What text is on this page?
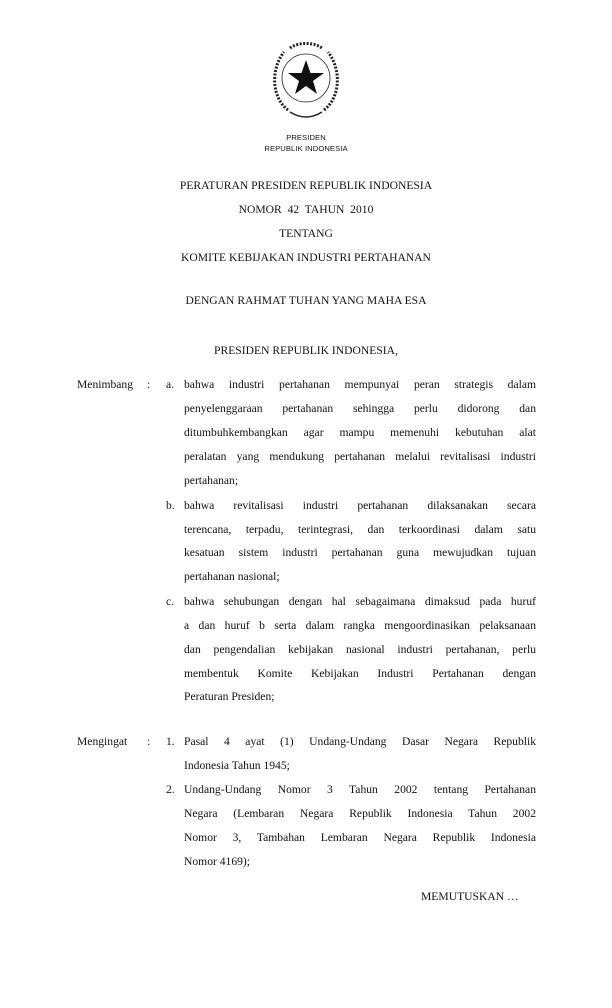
PRESIDEN
REPUBLIK INDONESIA
PERATURAN PRESIDEN REPUBLIK INDONESIA
NOMOR  42  TAHUN  2010
TENTANG
KOMITE KEBIJAKAN INDUSTRI PERTAHANAN
DENGAN RAHMAT TUHAN YANG MAHA ESA
PRESIDEN REPUBLIK INDONESIA,
Menimbang : a. bahwa industri pertahanan mempunyai peran strategis dalam
penyelenggaraan pertahanan sehingga perlu didorong dan
ditumbuhkembangkan agar mampu memenuhi kebutuhan alat
peralatan yang mendukung pertahanan melalui revitalisasi industri
pertahanan;
b. bahwa revitalisasi industri pertahanan dilaksanakan secara
terencana, terpadu, terintegrasi, dan terkoordinasi dalam satu
kesatuan sistem industri pertahanan guna mewujudkan tujuan
pertahanan nasional;
c. bahwa sehubungan dengan hal sebagaimana dimaksud pada huruf
a dan huruf b serta dalam rangka mengoordinasikan pelaksanaan
dan pengendalian kebijakan nasional industri pertahanan, perlu
membentuk Komite Kebijakan Industri Pertahanan dengan
Peraturan Presiden;
Mengingat : 1. Pasal 4 ayat (1) Undang-Undang Dasar Negara Republik
Indonesia Tahun 1945;
2. Undang-Undang Nomor 3 Tahun 2002 tentang Pertahanan
Negara (Lembaran Negara Republik Indonesia Tahun 2002
Nomor 3, Tambahan Lembaran Negara Republik Indonesia
Nomor 4169);
MEMUTUSKAN …
